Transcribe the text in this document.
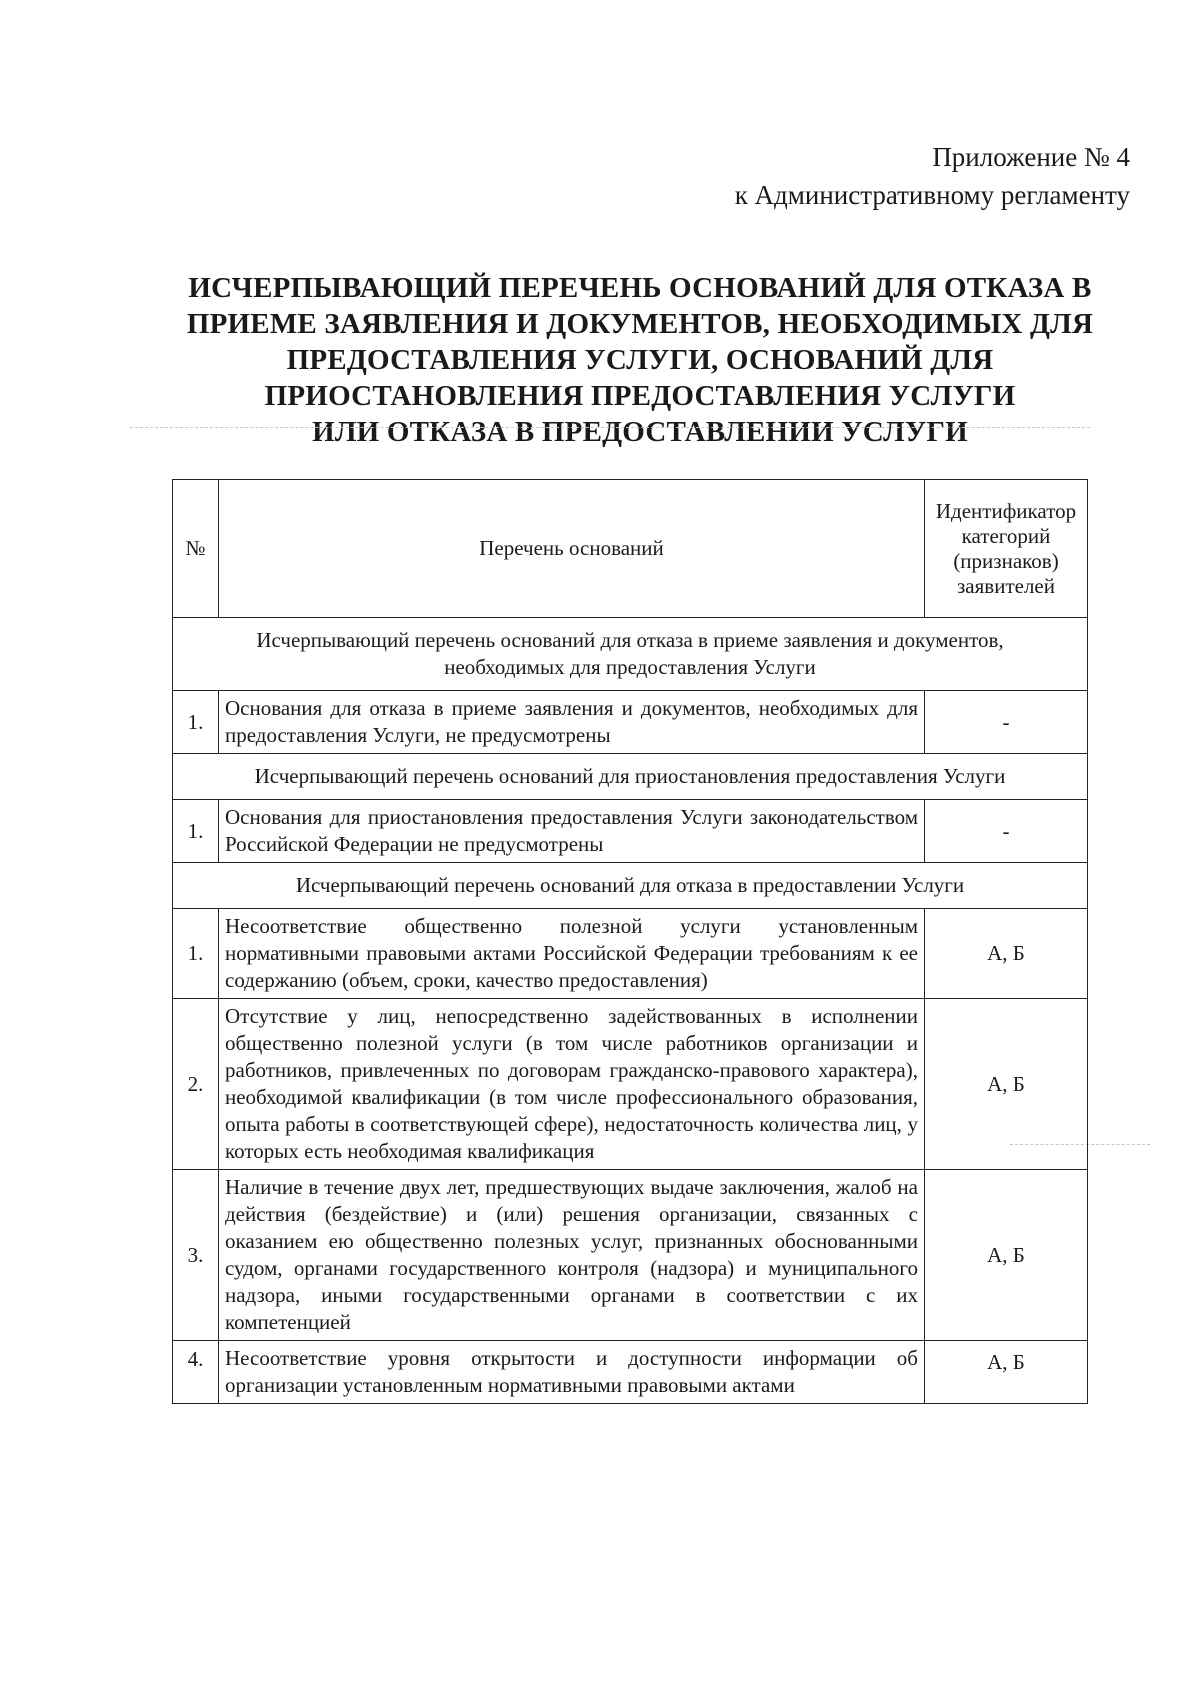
Приложение № 4
к Административному регламенту
ИСЧЕРПЫВАЮЩИЙ ПЕРЕЧЕНЬ ОСНОВАНИЙ ДЛЯ ОТКАЗА В
ПРИЕМЕ ЗАЯВЛЕНИЯ И ДОКУМЕНТОВ, НЕОБХОДИМЫХ ДЛЯ
ПРЕДОСТАВЛЕНИЯ УСЛУГИ, ОСНОВАНИЙ ДЛЯ
ПРИОСТАНОВЛЕНИЯ ПРЕДОСТАВЛЕНИЯ УСЛУГИ
ИЛИ ОТКАЗА В ПРЕДОСТАВЛЕНИИ УСЛУГИ
№	Перечень оснований	Идентификатор категорий (признаков) заявителей
Исчерпывающий перечень оснований для отказа в приеме заявления и документов, необходимых для предоставления Услуги		
1.	Основания для отказа в приеме заявления и документов, необходимых для предоставления Услуги, не предусмотрены	-
Исчерпывающий перечень оснований для приостановления предоставления Услуги		
1.	Основания для приостановления предоставления Услуги законодательством Российской Федерации не предусмотрены	-
Исчерпывающий перечень оснований для отказа в предоставлении Услуги		
1.	Несоответствие общественно полезной услуги установленным нормативными правовыми актами Российской Федерации требованиям к ее содержанию (объем, сроки, качество предоставления)	А, Б
2.	Отсутствие у лиц, непосредственно задействованных в исполнении общественно полезной услуги (в том числе работников организации и работников, привлеченных по договорам гражданско-правового характера), необходимой квалификации (в том числе профессионального образования, опыта работы в соответствующей сфере), недостаточность количества лиц, у которых есть необходимая квалификация	А, Б
3.	Наличие в течение двух лет, предшествующих выдаче заключения, жалоб на действия (бездействие) и (или) решения организации, связанных с оказанием ею общественно полезных услуг, признанных обоснованными судом, органами государственного контроля (надзора) и муниципального надзора, иными государственными органами в соответствии с их компетенцией	А, Б
4.	Несоответствие уровня открытости и доступности информации об организации установленным нормативными правовыми актами	А, Б
